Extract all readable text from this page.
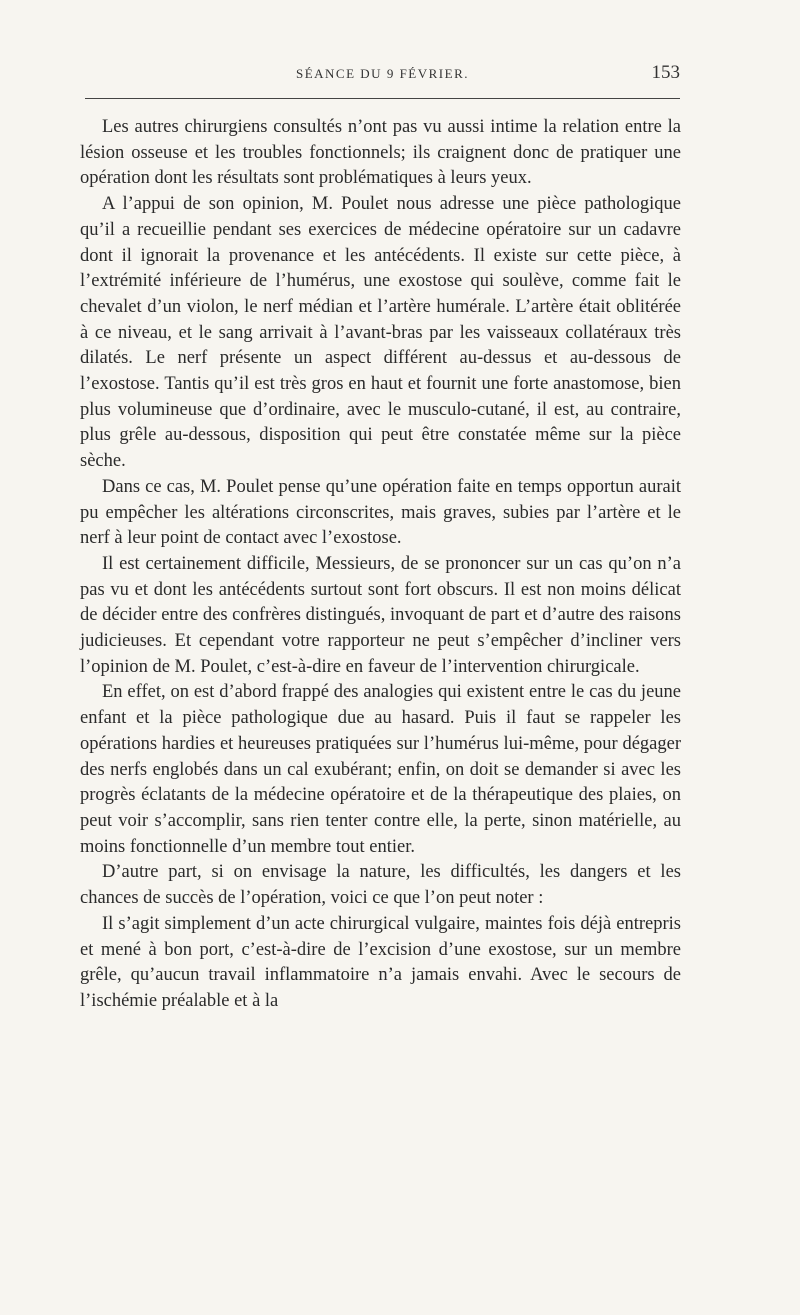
SÉANCE DU 9 FÉVRIER.	153

Les autres chirurgiens consultés n’ont pas vu aussi intime la relation entre la lésion osseuse et les troubles fonctionnels; ils craignent donc de pratiquer une opération dont les résultats sont problématiques à leurs yeux.

A l’appui de son opinion, M. Poulet nous adresse une pièce pathologique qu’il a recueillie pendant ses exercices de médecine opératoire sur un cadavre dont il ignorait la provenance et les antécédents. Il existe sur cette pièce, à l’extrémité inférieure de l’humérus, une exostose qui soulève, comme fait le chevalet d’un violon, le nerf médian et l’artère humérale. L’artère était oblitérée à ce niveau, et le sang arrivait à l’avant-bras par les vaisseaux collatéraux très dilatés. Le nerf présente un aspect différent au-dessus et au-dessous de l’exostose. Tantis qu’il est très gros en haut et fournit une forte anastomose, bien plus volumineuse que d’ordinaire, avec le musculo-cutané, il est, au contraire, plus grêle au-dessous, disposition qui peut être constatée même sur la pièce sèche.

Dans ce cas, M. Poulet pense qu’une opération faite en temps opportun aurait pu empêcher les altérations circonscrites, mais graves, subies par l’artère et le nerf à leur point de contact avec l’exostose.

Il est certainement difficile, Messieurs, de se prononcer sur un cas qu’on n’a pas vu et dont les antécédents surtout sont fort obscurs. Il est non moins délicat de décider entre des confrères distingués, invoquant de part et d’autre des raisons judicieuses. Et cependant votre rapporteur ne peut s’empêcher d’incliner vers l’opinion de M. Poulet, c’est-à-dire en faveur de l’intervention chirurgicale.

En effet, on est d’abord frappé des analogies qui existent entre le cas du jeune enfant et la pièce pathologique due au hasard. Puis il faut se rappeler les opérations hardies et heureuses pratiquées sur l’humérus lui-même, pour dégager des nerfs englobés dans un cal exubérant; enfin, on doit se demander si avec les progrès éclatants de la médecine opératoire et de la thérapeutique des plaies, on peut voir s’accomplir, sans rien tenter contre elle, la perte, sinon matérielle, au moins fonctionnelle d’un membre tout entier.

D’autre part, si on envisage la nature, les difficultés, les dangers et les chances de succès de l’opération, voici ce que l’on peut noter :

Il s’agit simplement d’un acte chirurgical vulgaire, maintes fois déjà entrepris et mené à bon port, c’est-à-dire de l’excision d’une exostose, sur un membre grêle, qu’aucun travail inflammatoire n’a jamais envahi. Avec le secours de l’ischémie préalable et à la
